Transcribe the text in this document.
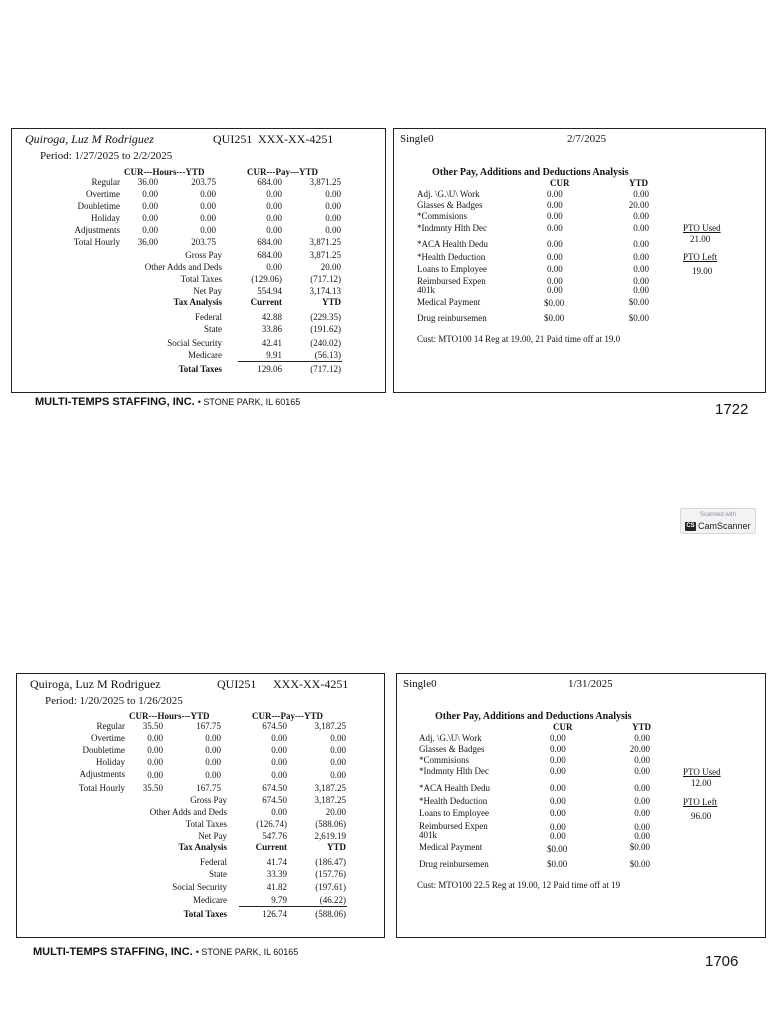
Quiroga, Luz M Rodriguez	QUI251 XXX-XX-4251
Period: 1/27/2025 to 2/2/2025
CUR---Hours---YTD	CUR---Pay---YTD
Regular	36.00	203.75	684.00	3,871.25
Overtime	0.00	0.00	0.00	0.00
Doubletime	0.00	0.00	0.00	0.00
Holiday	0.00	0.00	0.00	0.00
Adjustments	0.00	0.00	0.00	0.00
Total Hourly	36.00	203.75	684.00	3,871.25
Gross Pay	684.00	3,871.25
Other Adds and Deds	0.00	20.00
Total Taxes	(129.06)	(717.12)
Net Pay	554.94	3,174.13
Tax Analysis	Current	YTD
Federal	42.88	(229.35)
State	33.86	(191.62)
Social Security	42.41	(240.02)
Medicare	9.91	(56.13)
Total Taxes	129.06	(717.12)
Single0	2/7/2025
Other Pay, Additions and Deductions Analysis
CUR	YTD
Adj. \G.\U\ Work	0.00	0.00
Glasses & Badges	0.00	20.00
*Commisions	0.00	0.00
*Indmnty Hlth Dec	0.00	0.00
*ACA Health Dedu	0.00	0.00
*Health Deduction	0.00	0.00
Loans to Employee	0.00	0.00
Reimbursed Expen	0.00	0.00
401k	0.00	0.00
Medical Payment	$0.00	$0.00
Drug reinbursemen	$0.00	$0.00
PTO Used
21.00
PTO Left
19.00
Cust: MTO100 14 Reg at 19.00, 21 Paid time off at 19.0
MULTI-TEMPS STAFFING, INC. • STONE PARK, IL 60165	1722
Scanned with
CS CamScanner
Quiroga, Luz M Rodriguez	QUI251 XXX-XX-4251
Period: 1/20/2025 to 1/26/2025
CUR---Hours---YTD	CUR---Pay---YTD
Regular	35.50	167.75	674.50	3,187.25
Overtime	0.00	0.00	0.00	0.00
Doubletime	0.00	0.00	0.00	0.00
Holiday	0.00	0.00	0.00	0.00
Adjustments	0.00	0.00	0.00	0.00
Total Hourly	35.50	167.75	674.50	3,187.25
Gross Pay	674.50	3,187.25
Other Adds and Deds	0.00	20.00
Total Taxes	(126.74)	(588.06)
Net Pay	547.76	2,619.19
Tax Analysis	Current	YTD
Federal	41.74	(186.47)
State	33.39	(157.76)
Social Security	41.82	(197.61)
Medicare	9.79	(46.22)
Total Taxes	126.74	(588.06)
Single0	1/31/2025
Other Pay, Additions and Deductions Analysis
CUR	YTD
Adj. \G.\U\ Work	0.00	0.00
Glasses & Badges	0.00	20.00
*Commisions	0.00	0.00
*Indmnty Hlth Dec	0.00	0.00
*ACA Health Dedu	0.00	0.00
*Health Deduction	0.00	0.00
Loans to Employee	0.00	0.00
Reimbursed Expen	0.00	0.00
401k	0.00	0.00
Medical Payment	$0.00	$0.00
Drug reinbursemen	$0.00	$0.00
PTO Used
12.00
PTO Left
96.00
Cust: MTO100 22.5 Reg at 19.00, 12 Paid time off at 19
MULTI-TEMPS STAFFING, INC. • STONE PARK, IL 60165
1706
